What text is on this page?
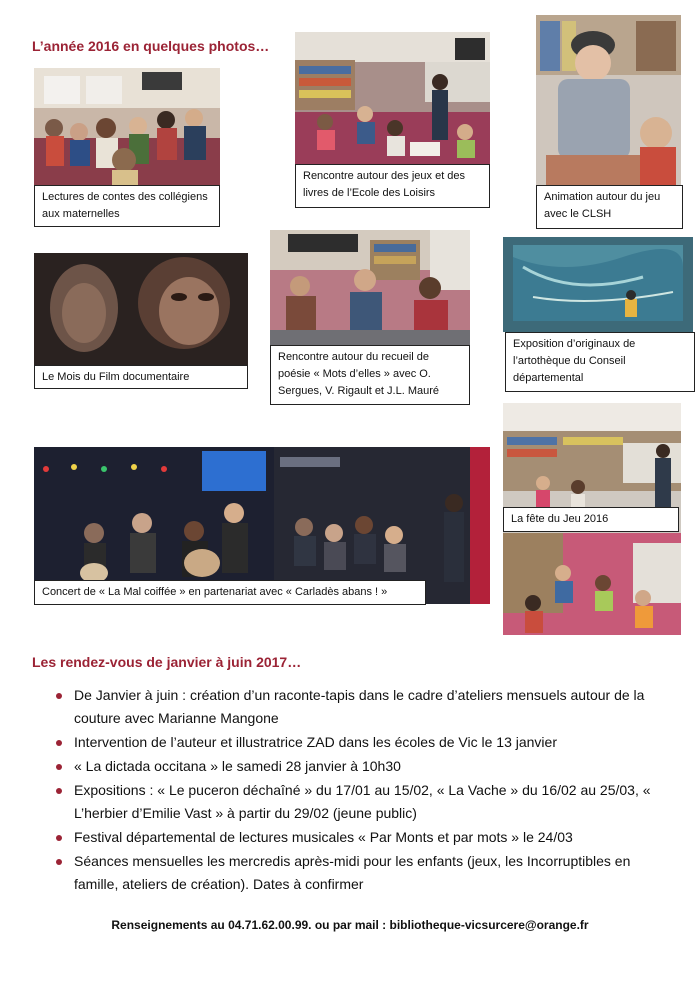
L’année 2016 en quelques photos…
Lectures de contes des collégiens aux maternelles
Rencontre autour des jeux et des livres de l’Ecole des Loisirs	Animation autour du jeu avec le CLSH
Le Mois du Film documentaire
Rencontre autour du recueil de poésie « Mots d’elles » avec O. Sergues, V. Rigault et J.L. Mauré
Exposition d’originaux de l’artothèque du Conseil départemental
La fête du Jeu 2016
Concert de « La Mal coiffée » en partenariat avec « Carladès abans ! »
Les rendez-vous de janvier à juin 2017…
De Janvier à juin : création d’un raconte-tapis dans le cadre d’ateliers mensuels autour de la couture avec Marianne Mangone
Intervention de l’auteur et illustratrice ZAD dans les écoles de Vic le 13 janvier
« La dictada occitana » le samedi 28 janvier à 10h30
Expositions : « Le puceron déchaîné » du 17/01 au 15/02, « La Vache » du 16/02 au 25/03, « L’herbier d’Emilie Vast » à partir du 29/02 (jeune public)
Festival départemental de lectures musicales « Par Monts et par mots » le 24/03
Séances mensuelles les mercredis après-midi pour les enfants (jeux, les Incorruptibles en famille, ateliers de création). Dates à confirmer
Renseignements au 04.71.62.00.99. ou par mail : bibliotheque-vicsurcere@orange.fr
